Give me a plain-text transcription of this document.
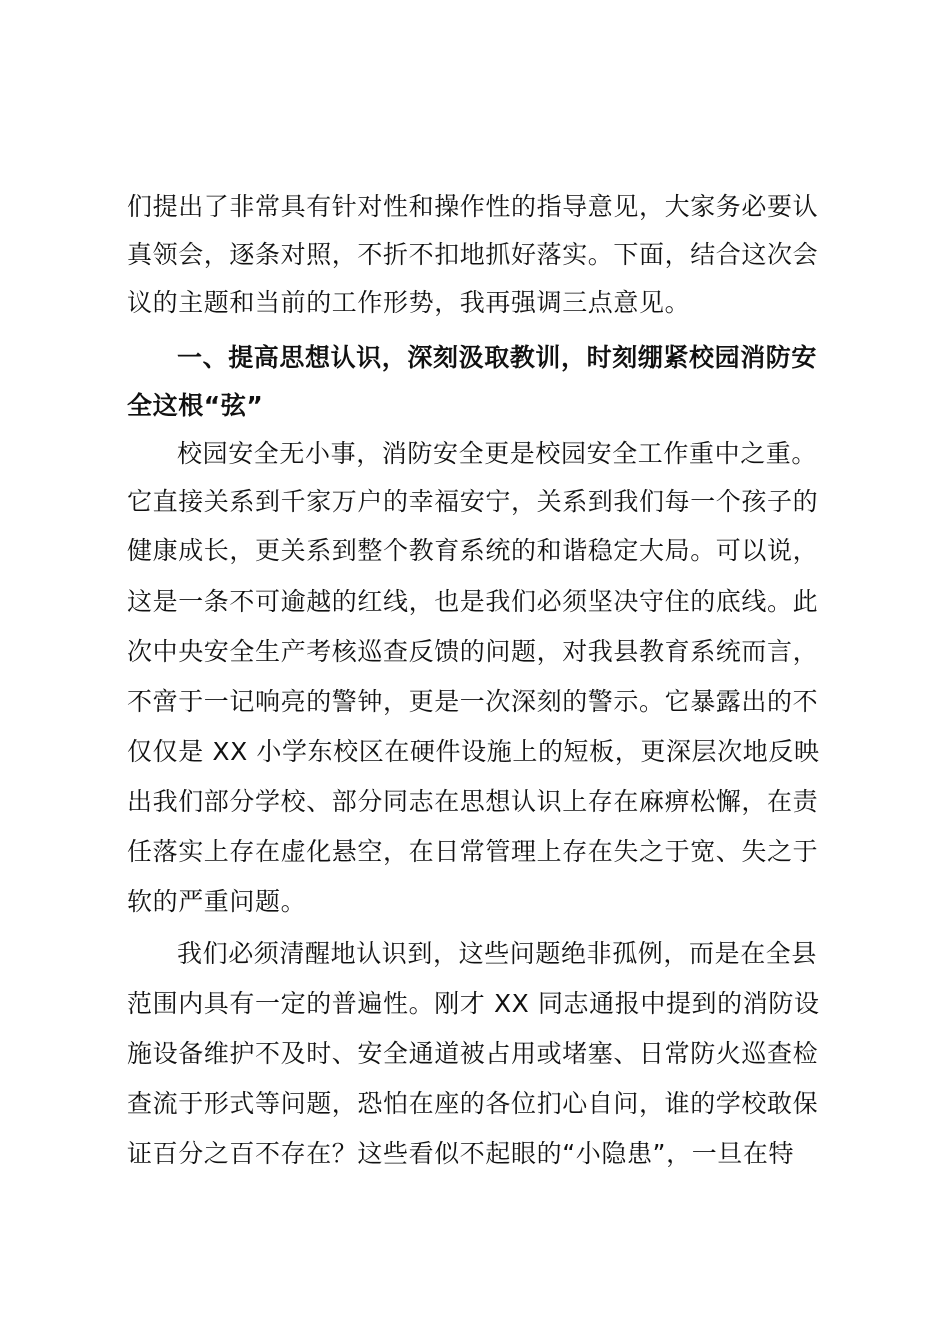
们提出了非常具有针对性和操作性的指导意见，大家务必要认
真领会，逐条对照，不折不扣地抓好落实。下面，结合这次会
议的主题和当前的工作形势，我再强调三点意见。
一、提高思想认识，深刻汲取教训，时刻绷紧校园消防安
全这根“弦”
校园安全无小事，消防安全更是校园安全工作重中之重。
它直接关系到千家万户的幸福安宁，关系到我们每一个孩子的
健康成长，更关系到整个教育系统的和谐稳定大局。可以说，
这是一条不可逾越的红线，也是我们必须坚决守住的底线。此
次中央安全生产考核巡查反馈的问题，对我县教育系统而言，
不啻于一记响亮的警钟，更是一次深刻的警示。它暴露出的不
仅仅是 XX 小学东校区在硬件设施上的短板，更深层次地反映
出我们部分学校、部分同志在思想认识上存在麻痹松懈，在责
任落实上存在虚化悬空，在日常管理上存在失之于宽、失之于
软的严重问题。
我们必须清醒地认识到，这些问题绝非孤例，而是在全县
范围内具有一定的普遍性。刚才 XX 同志通报中提到的消防设
施设备维护不及时、安全通道被占用或堵塞、日常防火巡查检
查流于形式等问题，恐怕在座的各位扪心自问，谁的学校敢保
证百分之百不存在？这些看似不起眼的“小隐患”，一旦在特
